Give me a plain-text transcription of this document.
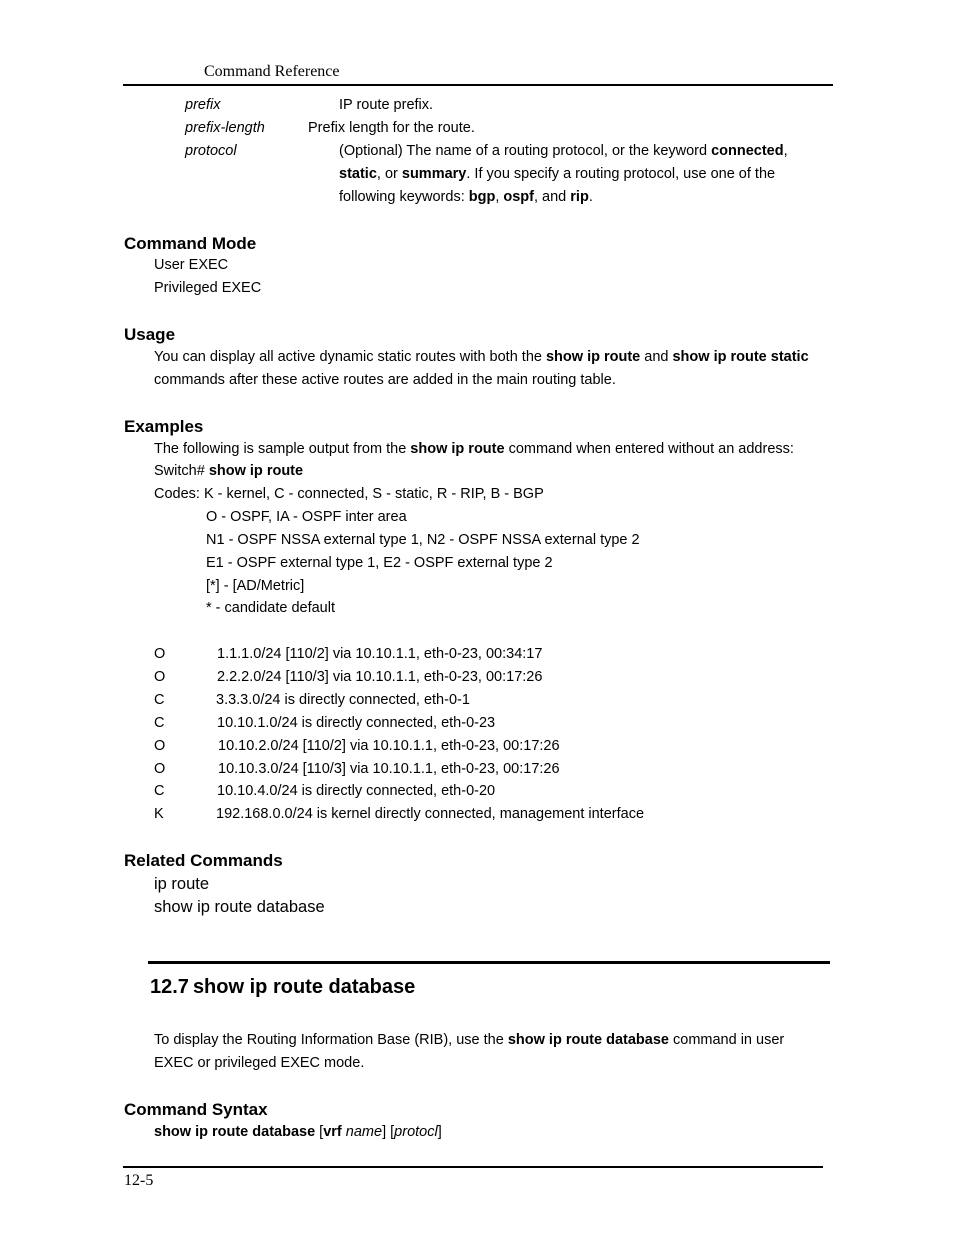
Command Reference
prefix	IP route prefix.
prefix-length	Prefix length for the route.
protocol	(Optional) The name of a routing protocol, or the keyword connected,
static, or summary. If you specify a routing protocol, use one of the
following keywords: bgp, ospf, and rip.
Command Mode
User EXEC
Privileged EXEC
Usage
You can display all active dynamic static routes with both the show ip route and show ip route static
commands after these active routes are added in the main routing table.
Examples
The following is sample output from the show ip route command when entered without an address:
Switch# show ip route
Codes: K - kernel, C - connected, S - static, R - RIP, B - BGP
O - OSPF, IA - OSPF inter area
N1 - OSPF NSSA external type 1, N2 - OSPF NSSA external type 2
E1 - OSPF external type 1, E2 - OSPF external type 2
[*] - [AD/Metric]
* - candidate default
O	1.1.1.0/24 [110/2] via 10.10.1.1, eth-0-23, 00:34:17
O	2.2.2.0/24 [110/3] via 10.10.1.1, eth-0-23, 00:17:26
C	3.3.3.0/24 is directly connected, eth-0-1
C	10.10.1.0/24 is directly connected, eth-0-23
O	10.10.2.0/24 [110/2] via 10.10.1.1, eth-0-23, 00:17:26
O	10.10.3.0/24 [110/3] via 10.10.1.1, eth-0-23, 00:17:26
C	10.10.4.0/24 is directly connected, eth-0-20
K	192.168.0.0/24 is kernel directly connected, management interface
Related Commands
ip route
show ip route database
12.7 show ip route database
To display the Routing Information Base (RIB), use the show ip route database command in user
EXEC or privileged EXEC mode.
Command Syntax
show ip route database [vrf name] [protocl]
12-5
